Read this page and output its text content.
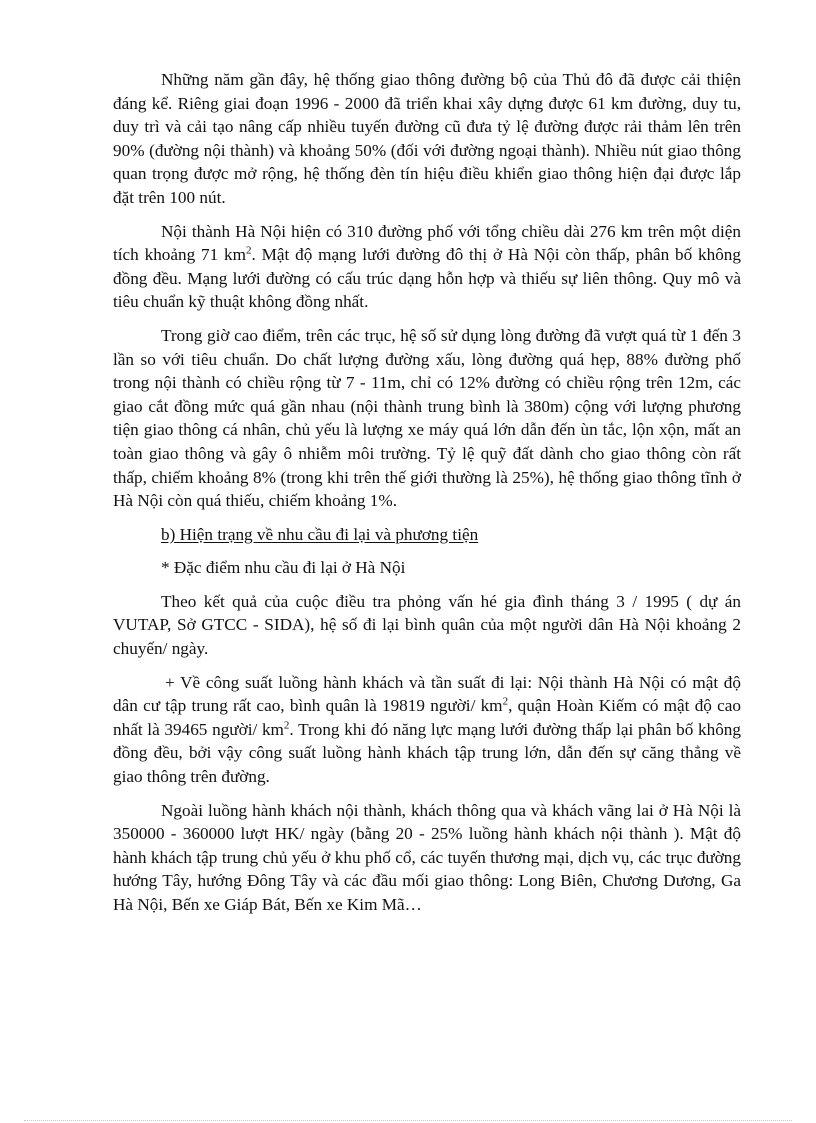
Những năm gần đây, hệ thống giao thông đường bộ của Thủ đô đã được cải thiện đáng kể. Riêng giai đoạn 1996 - 2000 đã triển khai xây dựng được 61 km đường, duy tu, duy trì và cải tạo nâng cấp nhiều tuyến đường cũ đưa tỷ lệ đường được rải thảm lên trên 90% (đường nội thành) và khoảng 50% (đối với đường ngoại thành). Nhiều nút giao thông quan trọng được mở rộng, hệ thống đèn tín hiệu điều khiển giao thông hiện đại được lắp đặt trên 100 nút.

Nội thành Hà Nội hiện có 310 đường phố với tổng chiều dài 276 km trên một diện tích khoảng 71 $km^2$. Mật độ mạng lưới đường đô thị ở Hà Nội còn thấp, phân bố không đồng đều. Mạng lưới đường có cấu trúc dạng hỗn hợp và thiếu sự liên thông. Quy mô và tiêu chuẩn kỹ thuật không đồng nhất.

Trong giờ cao điểm, trên các trục, hệ số sử dụng lòng đường đã vượt quá từ 1 đến 3 lần so với tiêu chuẩn. Do chất lượng đường xấu, lòng đường quá hẹp, 88% đường phố trong nội thành có chiều rộng từ 7 - 11m, chỉ có 12% đường có chiều rộng trên 12m, các giao cắt đồng mức quá gần nhau (nội thành trung bình là 380m) cộng với lượng phương tiện giao thông cá nhân, chủ yếu là lượng xe máy quá lớn dẫn đến ùn tắc, lộn xộn, mất an toàn giao thông và gây ô nhiễm môi trường. Tỷ lệ quỹ đất dành cho giao thông còn rất thấp, chiếm khoảng 8% (trong khi trên thế giới thường là 25%), hệ thống giao thông tĩnh ở Hà Nội còn quá thiếu, chiếm khoảng 1%.

b) Hiện trạng về nhu cầu đi lại và phương tiện

* Đặc điểm nhu cầu đi lại ở Hà Nội

Theo kết quả của cuộc điều tra phỏng vấn hé gia đình tháng 3 / 1995 ( dự án VUTAP, Sở GTCC - SIDA), hệ số đi lại bình quân của một người dân Hà Nội khoảng 2 chuyến/ ngày.

+ Về công suất luồng hành khách và tần suất đi lại: Nội thành Hà Nội có mật độ dân cư tập trung rất cao, bình quân là 19819 người/ $km^2$, quận Hoàn Kiếm có mật độ cao nhất là 39465 người/ $km^2$. Trong khi đó năng lực mạng lưới đường thấp lại phân bố không đồng đều, bởi vậy công suất luồng hành khách tập trung lớn, dẫn đến sự căng thẳng về giao thông trên đường.

Ngoài luồng hành khách nội thành, khách thông qua và khách vãng lai ở Hà Nội là 350000 - 360000 lượt HK/ ngày (bằng 20 - 25% luồng hành khách nội thành ). Mật độ hành khách tập trung chủ yếu ở khu phố cổ, các tuyến thương mại, dịch vụ, các trục đường hướng Tây, hướng Đông Tây và các đầu mối giao thông: Long Biên, Chương Dương, Ga Hà Nội, Bến xe Giáp Bát, Bến xe Kim Mã…
